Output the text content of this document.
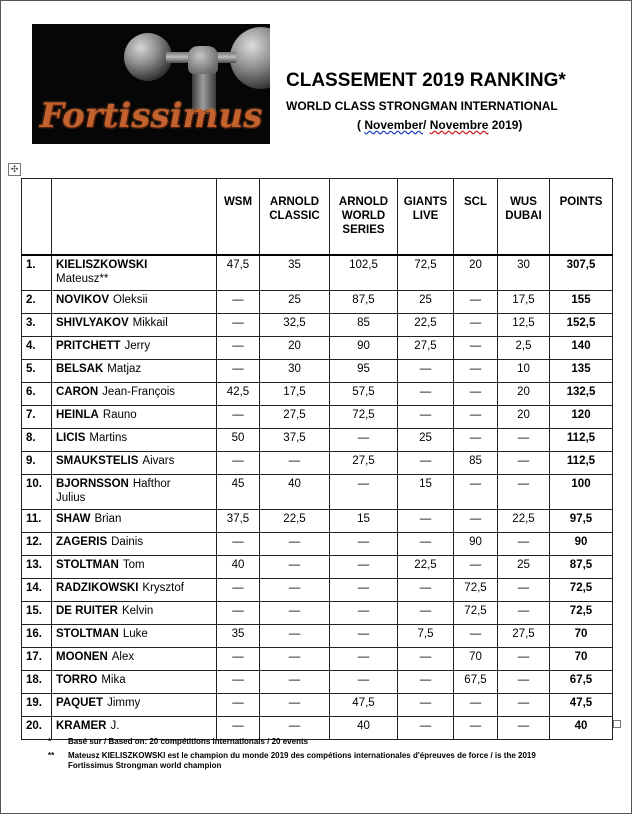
Fortissimus
CLASSEMENT 2019 RANKING*
WORLD CLASS STRONGMAN INTERNATIONAL
( November/ Novembre 2019)
✣
		WSM	ARNOLD CLASSIC	ARNOLD WORLD SERIES	GIANTS LIVE	SCL	WUS DUBAI	POINTS
1.	KIELISZKOWSKI
Mateusz**	47,5	35	102,5	72,5	20	30	307,5
2.	NOVIKOV Oleksii	—	25	87,5	25	—	17,5	155
3.	SHIVLYAKOV Mikkail	—	32,5	85	22,5	—	12,5	152,5
4.	PRITCHETT Jerry	—	20	90	27,5	—	2,5	140
5.	BELSAK Matjaz	—	30	95	—	—	10	135
6.	CARON Jean-François	42,5	17,5	57,5	—	—	20	132,5
7.	HEINLA Rauno	—	27,5	72,5	—	—	20	120
8.	LICIS Martins	50	37,5	—	25	—	—	112,5
9.	SMAUKSTELIS Aivars	—	—	27,5	—	85	—	112,5
10.	BJORNSSON Hafthor
Julius	45	40	—	15	—	—	100
11.	SHAW Brian	37,5	22,5	15	—	—	22,5	97,5
12.	ZAGERIS Dainis	—	—	—	—	90	—	90
13.	STOLTMAN Tom	40	—	—	22,5	—	25	87,5
14.	RADZIKOWSKI Krysztof	—	—	—	—	72,5	—	72,5
15.	DE RUITER Kelvin	—	—	—	—	72,5	—	72,5
16.	STOLTMAN Luke	35	—	—	7,5	—	27,5	70
17.	MOONEN Alex	—	—	—	—	70	—	70
18.	TORRO Mika	—	—	—	—	67,5	—	67,5
19.	PAQUET Jimmy	—	—	47,5	—	—	—	47,5
20.	KRAMER J.	—	—	40	—	—	—	40
* Basé sur / Based on: 20 compétitions internationals / 20 events
** Mateusz KIELISZKOWSKI est le champion du monde 2019 des compétions internationales d'épreuves de force / is the 2019
Fortissimus Strongman world champion
